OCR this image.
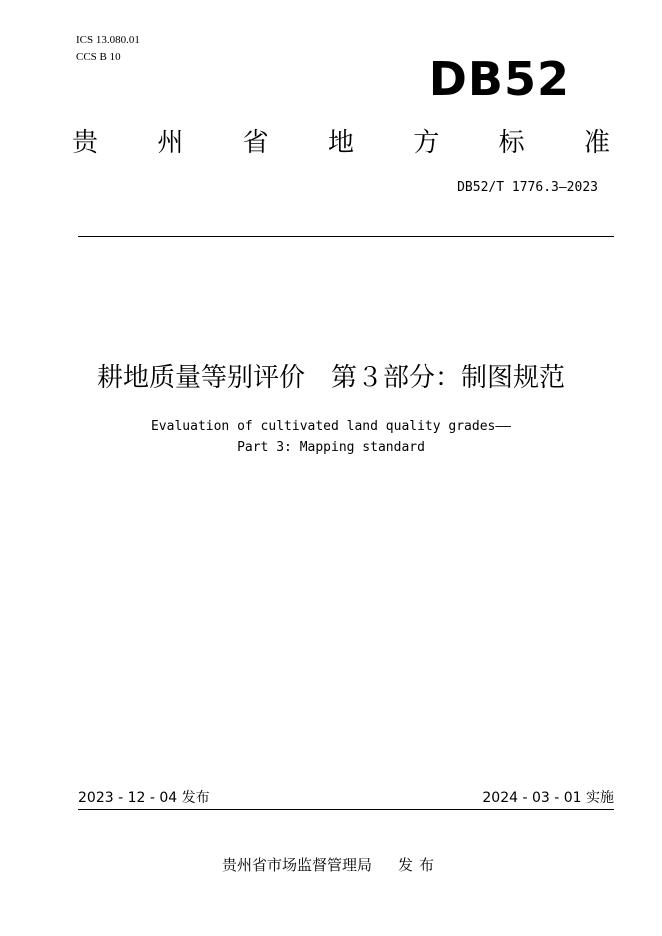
ICS 13.080.01
CCS B 10	DB52
贵 州 省 地 方 标 准
DB52/T 1776.3—2023
耕地质量等别评价　第３部分：制图规范
Evaluation of cultivated land quality grades——
Part 3: Mapping standard
2023 - 12 - 04 发布	2024 - 03 - 01 实施
贵州省市场监督管理局 发布
